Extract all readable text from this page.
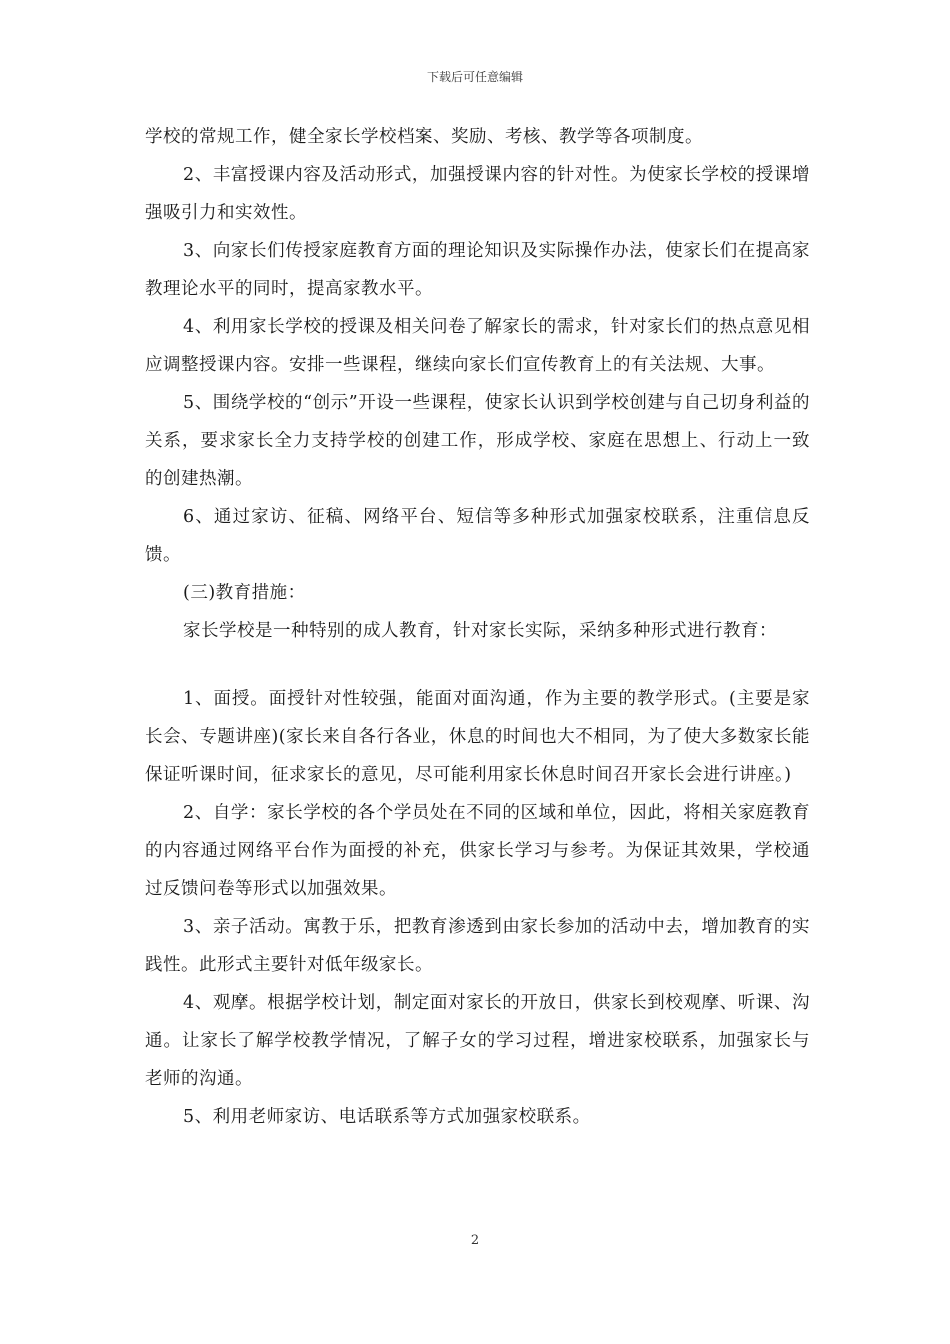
下载后可任意编辑

学校的常规工作，健全家长学校档案、奖励、考核、教学等各项制度。

2、丰富授课内容及活动形式，加强授课内容的针对性。为使家长学校的授课增强吸引力和实效性。

3、向家长们传授家庭教育方面的理论知识及实际操作办法，使家长们在提高家教理论水平的同时，提高家教水平。

4、利用家长学校的授课及相关问卷了解家长的需求，针对家长们的热点意见相应调整授课内容。安排一些课程，继续向家长们宣传教育上的有关法规、大事。

5、围绕学校的“创示”开设一些课程，使家长认识到学校创建与自己切身利益的关系，要求家长全力支持学校的创建工作，形成学校、家庭在思想上、行动上一致的创建热潮。

6、通过家访、征稿、网络平台、短信等多种形式加强家校联系，注重信息反馈。

(三)教育措施：

家长学校是一种特别的成人教育，针对家长实际，采纳多种形式进行教育：

1、面授。面授针对性较强，能面对面沟通，作为主要的教学形式。(主要是家长会、专题讲座)(家长来自各行各业，休息的时间也大不相同，为了使大多数家长能保证听课时间，征求家长的意见，尽可能利用家长休息时间召开家长会进行讲座。)

2、自学：家长学校的各个学员处在不同的区域和单位，因此，将相关家庭教育的内容通过网络平台作为面授的补充，供家长学习与参考。为保证其效果，学校通过反馈问卷等形式以加强效果。

3、亲子活动。寓教于乐，把教育渗透到由家长参加的活动中去，增加教育的实践性。此形式主要针对低年级家长。

4、观摩。根据学校计划，制定面对家长的开放日，供家长到校观摩、听课、沟通。让家长了解学校教学情况，了解子女的学习过程，增进家校联系，加强家长与老师的沟通。

5、利用老师家访、电话联系等方式加强家校联系。

2
